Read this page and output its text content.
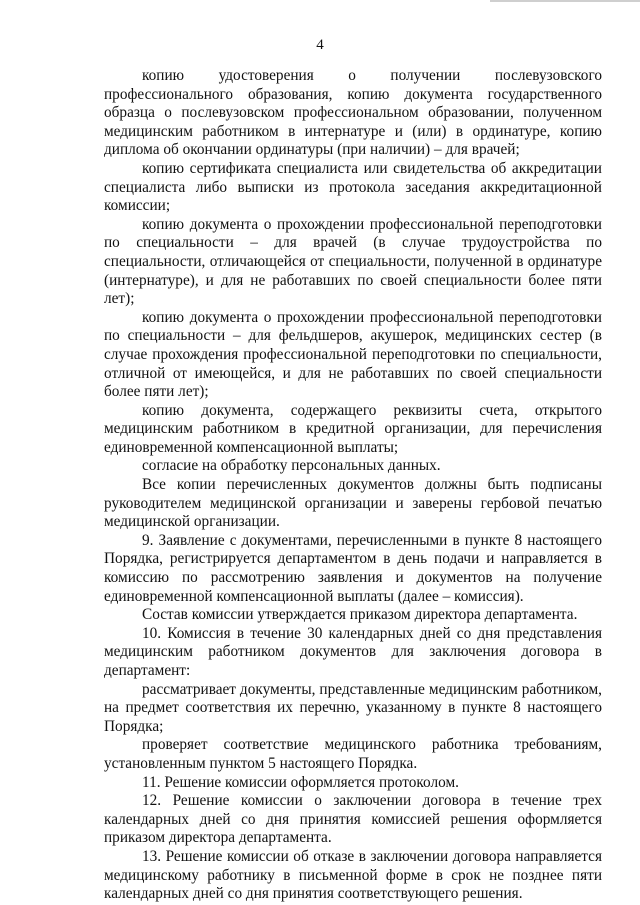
4

копию удостоверения о получении послевузовского профессионального образования, копию документа государственного образца о послевузовском профессиональном образовании, полученном медицинским работником в интернатуре и (или) в ординатуре, копию диплома об окончании ординатуры (при наличии) – для врачей;

копию сертификата специалиста или свидетельства об аккредитации специалиста либо выписки из протокола заседания аккредитационной комиссии;

копию документа о прохождении профессиональной переподготовки по специальности – для врачей (в случае трудоустройства по специальности, отличающейся от специальности, полученной в ординатуре (интернатуре), и для не работавших по своей специальности более пяти лет);

копию документа о прохождении профессиональной переподготовки по специальности – для фельдшеров, акушерок, медицинских сестер (в случае прохождения профессиональной переподготовки по специальности, отличной от имеющейся, и для не работавших по своей специальности более пяти лет);

копию документа, содержащего реквизиты счета, открытого медицинским работником в кредитной организации, для перечисления единовременной компенсационной выплаты;

согласие на обработку персональных данных.

Все копии перечисленных документов должны быть подписаны руководителем медицинской организации и заверены гербовой печатью медицинской организации.

9. Заявление с документами, перечисленными в пункте 8 настоящего Порядка, регистрируется департаментом в день подачи и направляется в комиссию по рассмотрению заявления и документов на получение единовременной компенсационной выплаты (далее – комиссия).

Состав комиссии утверждается приказом директора департамента.

10. Комиссия в течение 30 календарных дней со дня представления медицинским работником документов для заключения договора в департамент:

рассматривает документы, представленные медицинским работником, на предмет соответствия их перечню, указанному в пункте 8 настоящего Порядка;

проверяет соответствие медицинского работника требованиям, установленным пунктом 5 настоящего Порядка.

11. Решение комиссии оформляется протоколом.

12. Решение комиссии о заключении договора в течение трех календарных дней со дня принятия комиссией решения оформляется приказом директора департамента.

13. Решение комиссии об отказе в заключении договора направляется медицинскому работнику в письменной форме в срок не позднее пяти календарных дней со дня принятия соответствующего решения.
